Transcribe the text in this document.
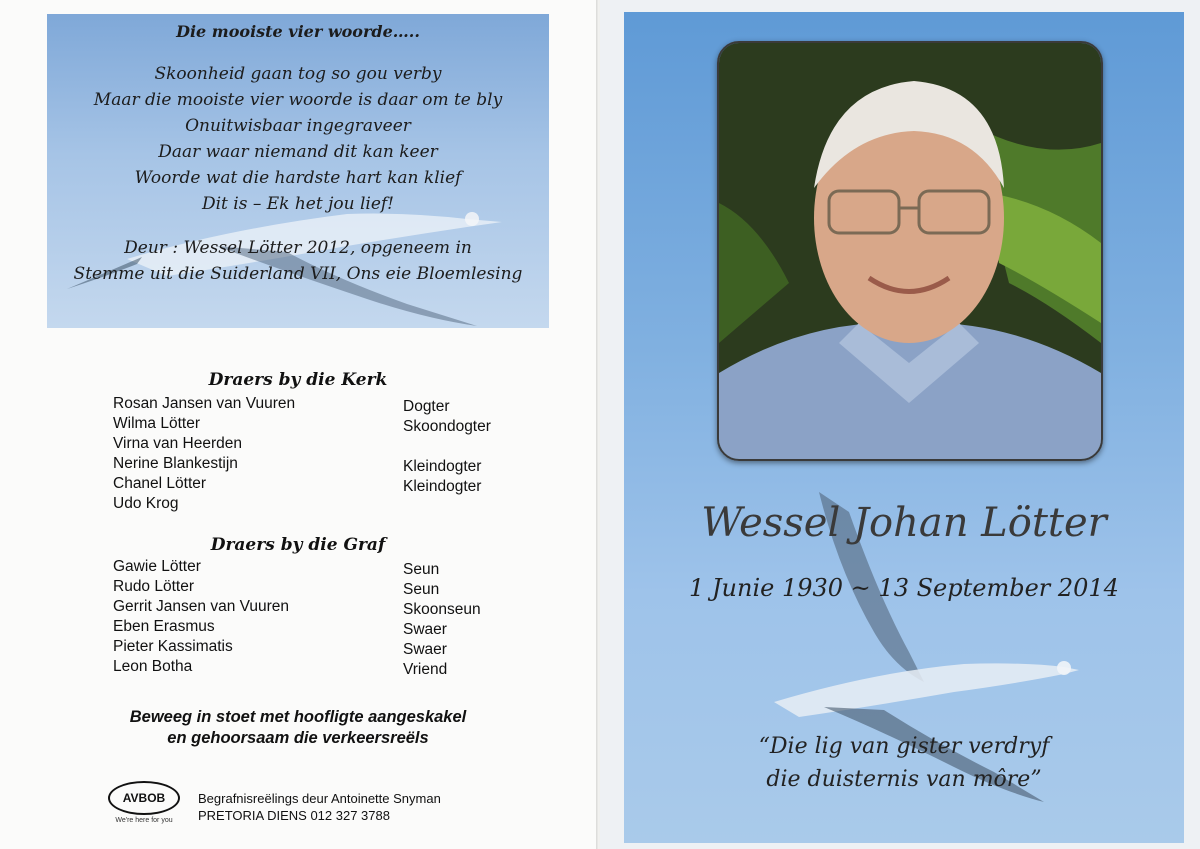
Die mooiste vier woorde…..
Skoonheid gaan tog so gou verby
Maar die mooiste vier woorde is daar om te bly
Onuitwisbaar ingegraveer
Daar waar niemand dit kan keer
Woorde wat die hardste hart kan klief
Dit is – Ek het jou lief!
Deur : Wessel Lötter 2012, opgeneem in
Stemme uit die Suiderland VII, Ons eie Bloemlesing
Draers by die Kerk
Rosan Jansen van Vuuren	Dogter
Wilma Lötter	Skoondogter
Virna van Heerden
Nerine Blankestijn	Kleindogter
Chanel Lötter	Kleindogter
Udo Krog
Draers by die Graf
Gawie Lötter	Seun
Rudo Lötter	Seun
Gerrit Jansen van Vuuren	Skoonseun
Eben Erasmus	Swaer
Pieter Kassimatis	Swaer
Leon Botha	Vriend
Beweeg in stoet met hoofligte aangeskakel
en gehoorsaam die verkeersreëls
AVBOB
We're here for you
Begrafnisreëlings deur Antoinette Snyman
PRETORIA DIENS 012 327 3788
Wessel Johan Lötter
1 Junie 1930 ~ 13 September 2014
“Die lig van gister verdryf
die duisternis van môre”
